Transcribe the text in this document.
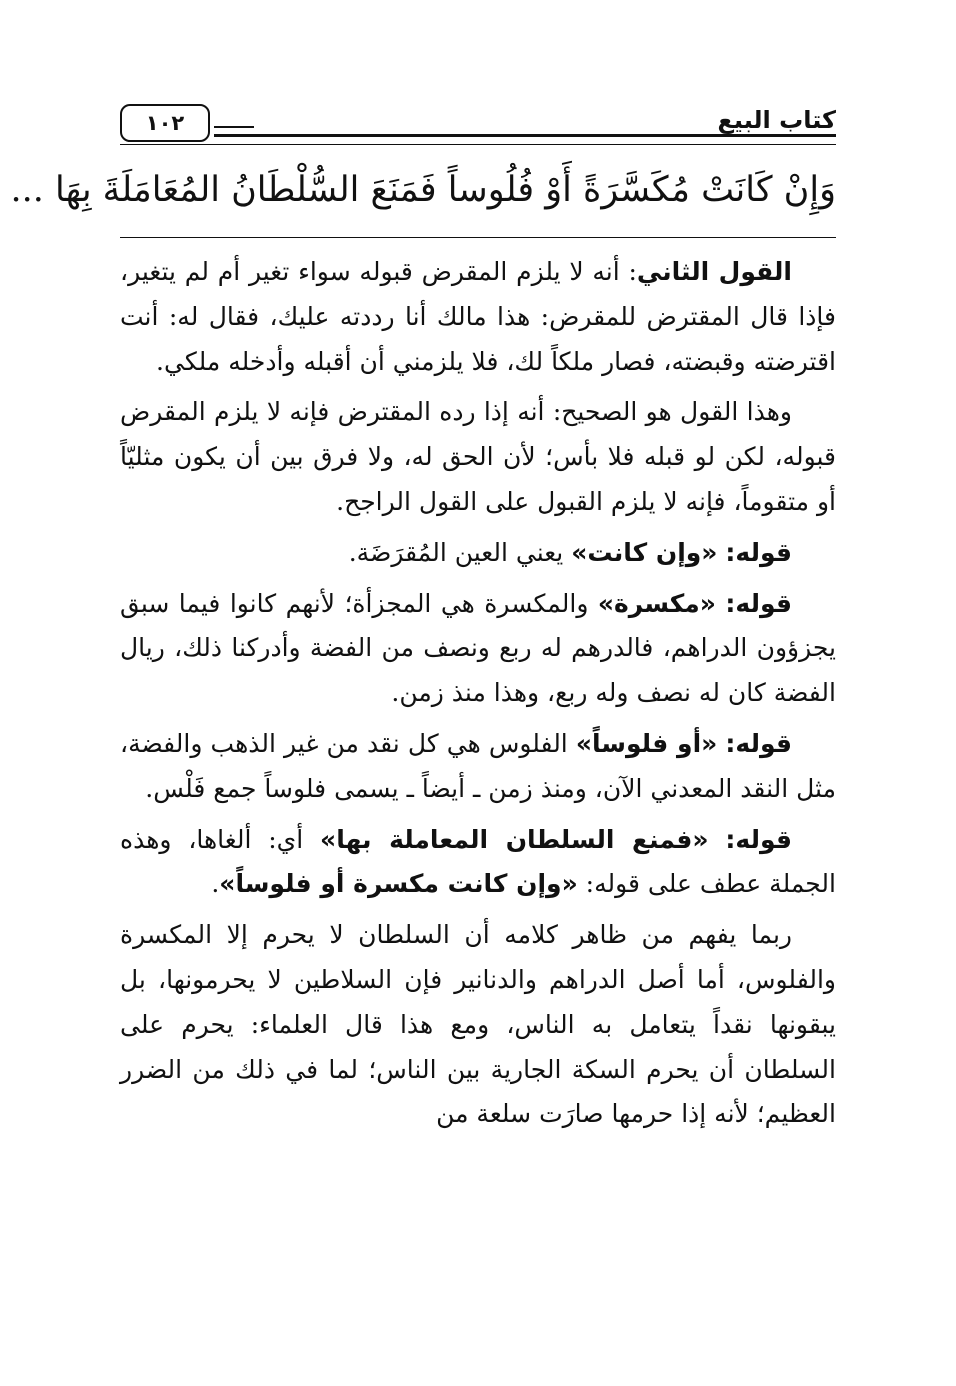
كتاب البيع
١٠٢
وَإِنْ كَانَتْ مُكَسَّرَةً أَوْ فُلُوساً فَمَنَعَ السُّلْطَانُ المُعَامَلَةَ بِهَا ...

القول الثاني: أنه لا يلزم المقرض قبوله سواء تغير أم لم يتغير، فإذا قال المقترض للمقرض: هذا مالك أنا رددته عليك، فقال له: أنت اقترضته وقبضته، فصار ملكاً لك، فلا يلزمني أن أقبله وأدخله ملكي.

وهذا القول هو الصحيح: أنه إذا رده المقترض فإنه لا يلزم المقرض قبوله، لكن لو قبله فلا بأس؛ لأن الحق له، ولا فرق بين أن يكون مثليّاً أو متقوماً، فإنه لا يلزم القبول على القول الراجح.

قوله: «وإن كانت» يعني العين المُقرَضَة.

قوله: «مكسرة» والمكسرة هي المجزأة؛ لأنهم كانوا فيما سبق يجزؤون الدراهم، فالدرهم له ربع ونصف من الفضة وأدركنا ذلك، ريال الفضة كان له نصف وله ربع، وهذا منذ زمن.

قوله: «أو فلوساً» الفلوس هي كل نقد من غير الذهب والفضة، مثل النقد المعدني الآن، ومنذ زمن ـ أيضاً ـ يسمى فلوساً جمع فَلْس.

قوله: «فمنع السلطان المعاملة بها» أي: ألغاها، وهذه الجملة عطف على قوله: «وإن كانت مكسرة أو فلوساً».

ربما يفهم من ظاهر كلامه أن السلطان لا يحرم إلا المكسرة والفلوس، أما أصل الدراهم والدنانير فإن السلاطين لا يحرمونها، بل يبقونها نقداً يتعامل به الناس، ومع هذا قال العلماء: يحرم على السلطان أن يحرم السكة الجارية بين الناس؛ لما في ذلك من الضرر العظيم؛ لأنه إذا حرمها صارَت سلعة من
